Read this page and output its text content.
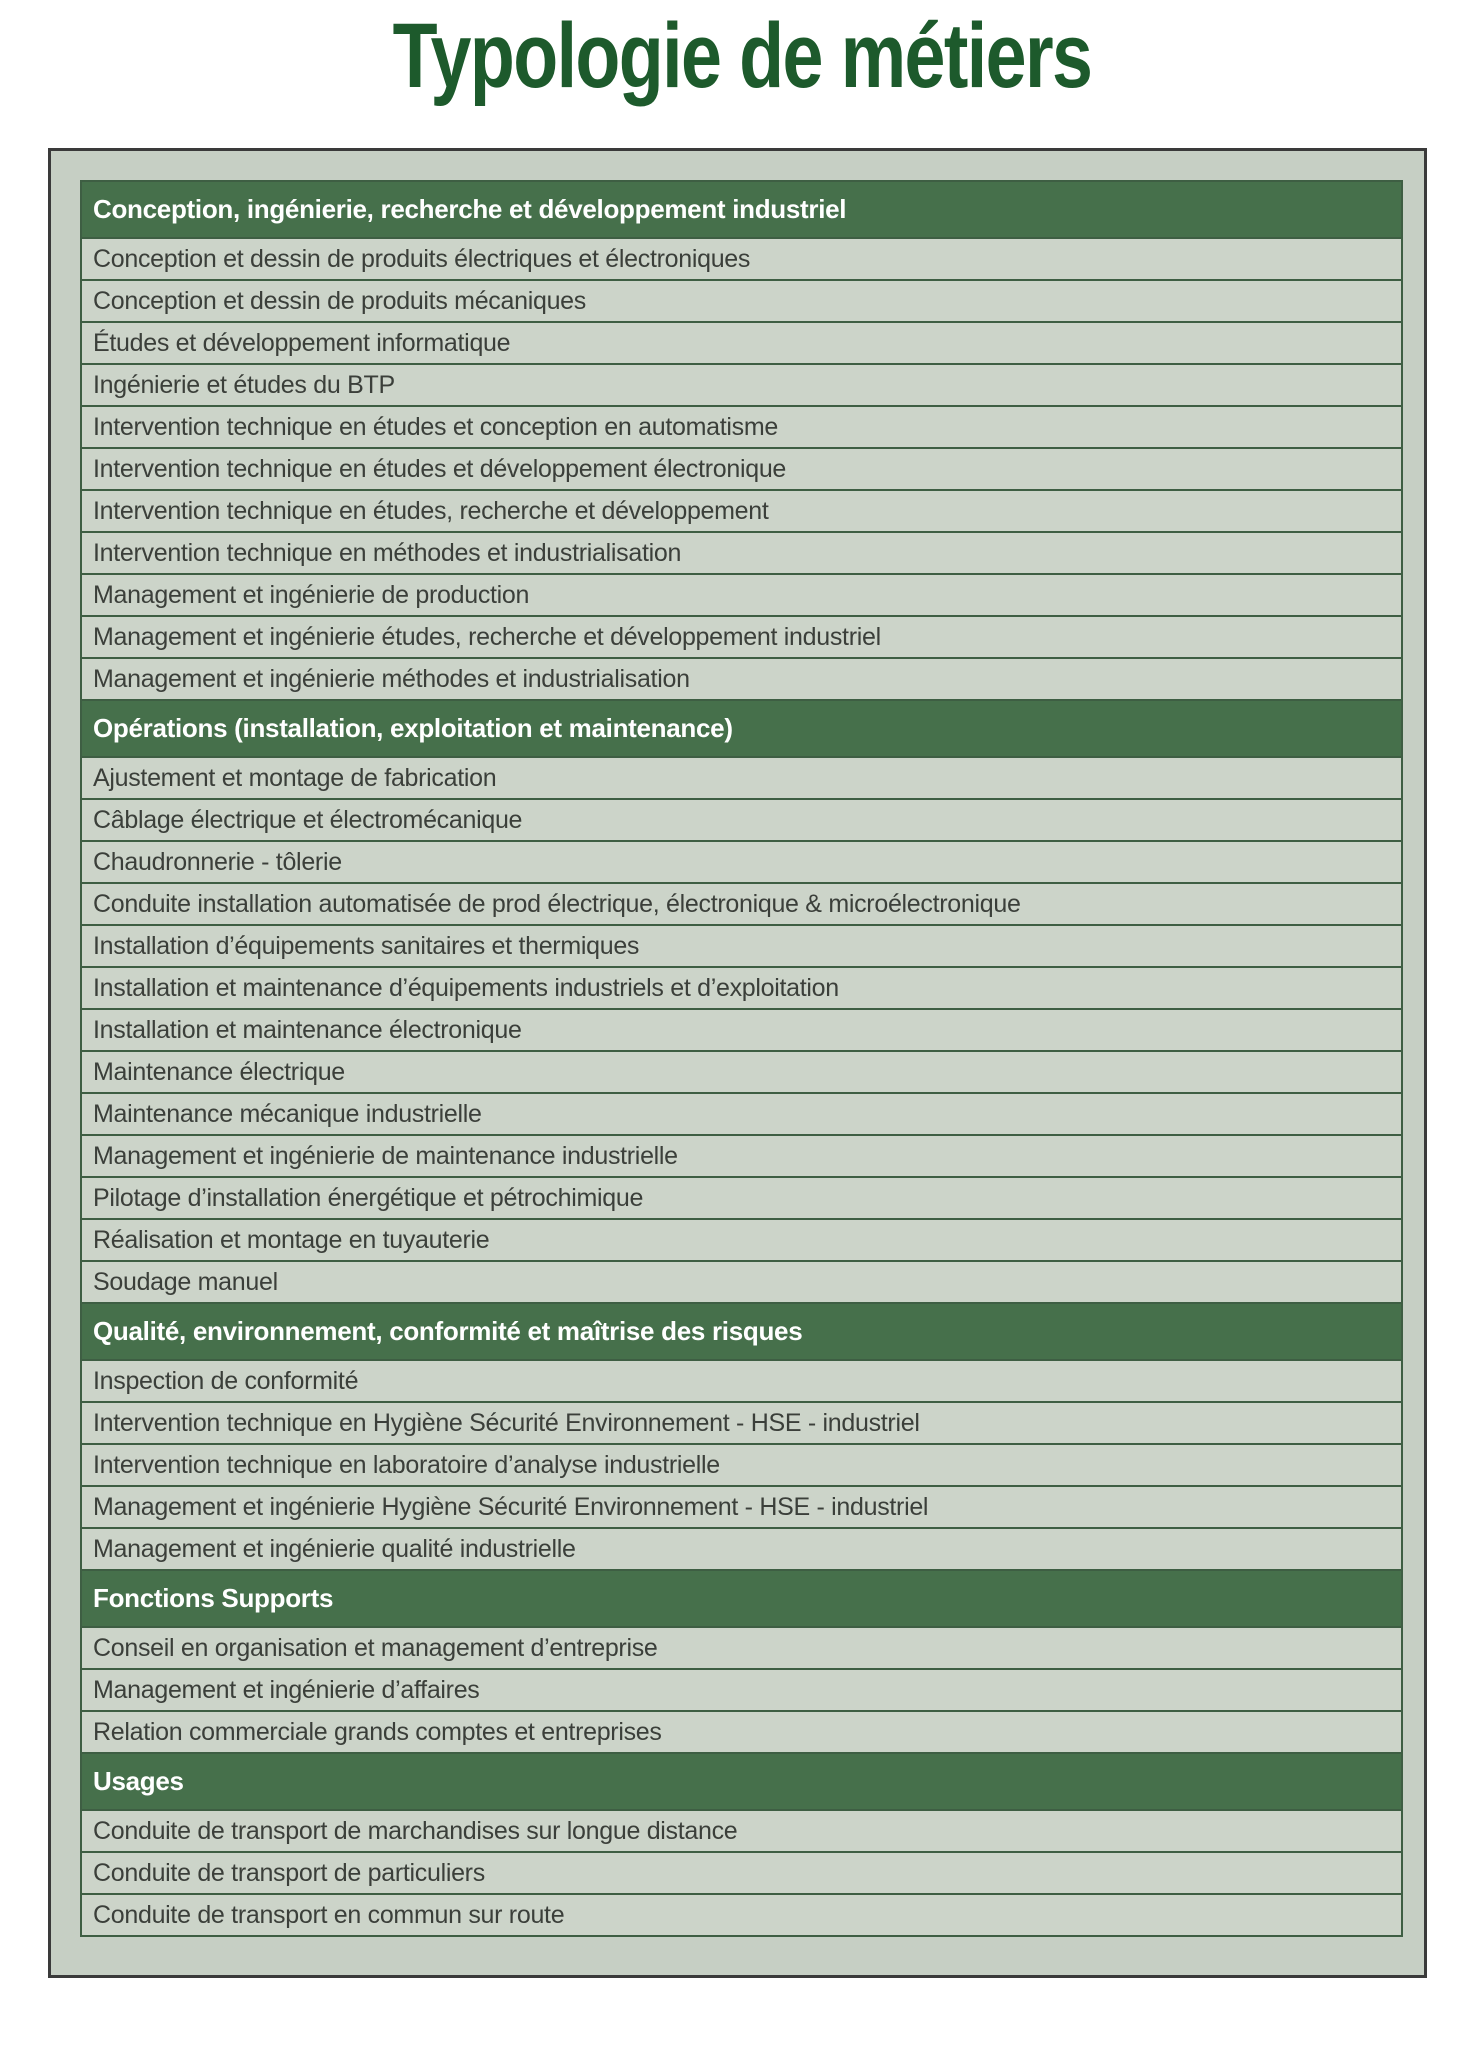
Typologie de métiers
Conception, ingénierie, recherche et développement industriel
Conception et dessin de produits électriques et électroniques
Conception et dessin de produits mécaniques
Études et développement informatique
Ingénierie et études du BTP
Intervention technique en études et conception en automatisme
Intervention technique en études et développement électronique
Intervention technique en études, recherche et développement
Intervention technique en méthodes et industrialisation
Management et ingénierie de production
Management et ingénierie études, recherche et développement industriel
Management et ingénierie méthodes et industrialisation
Opérations (installation, exploitation et maintenance)
Ajustement et montage de fabrication
Câblage électrique et électromécanique
Chaudronnerie - tôlerie
Conduite installation automatisée de prod électrique, électronique & microélectronique
Installation d’équipements sanitaires et thermiques
Installation et maintenance d’équipements industriels et d’exploitation
Installation et maintenance électronique
Maintenance électrique
Maintenance mécanique industrielle
Management et ingénierie de maintenance industrielle
Pilotage d’installation énergétique et pétrochimique
Réalisation et montage en tuyauterie
Soudage manuel
Qualité, environnement, conformité et maîtrise des risques
Inspection de conformité
Intervention technique en Hygiène Sécurité Environnement - HSE - industriel
Intervention technique en laboratoire d’analyse industrielle
Management et ingénierie Hygiène Sécurité Environnement - HSE - industriel
Management et ingénierie qualité industrielle
Fonctions Supports
Conseil en organisation et management d’entreprise
Management et ingénierie d’affaires
Relation commerciale grands comptes et entreprises
Usages
Conduite de transport de marchandises sur longue distance
Conduite de transport de particuliers
Conduite de transport en commun sur route
